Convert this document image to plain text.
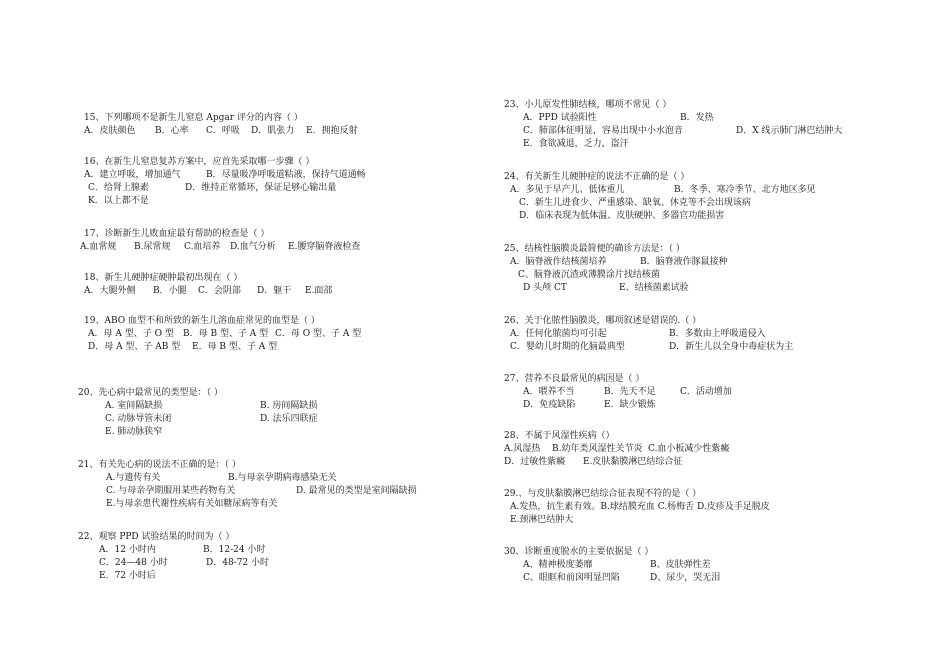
15、下列哪项不是新生儿窒息 Apgar 评分的内容（ ）
A．皮肤颜色 B．心率 C．呼吸 D．肌张力 E．拥抱反射
16、在新生儿窒息复苏方案中，应首先采取哪一步骤（ ）
A．建立呼吸，增加通气	B．尽量吸净呼吸道粘液，保持气道通畅
C．给肾上腺素	D．维持正常循环，保证足够心输出量
K．以上都不是
17、诊断新生儿败血症最有帮助的检查是（ ）
A.血常规 B.尿常规 C.血培养 D.血气分析 E.腰穿脑脊液检查
18、新生儿硬肿症硬肿最初出现在（ ）
A．大腿外侧 B．小腿 C．会阴部 D．躯干 E.面部
19、ABO 血型不和所致的新生儿溶血症常见的血型是（ ）
A．母 A 型、子 O 型 B．母 B 型、子 A 型 C．母 O 型、子 A 型
D．母 A 型、子 AB 型 E．母 B 型、子 A 型
20、先心病中最常见的类型是：（ ）
A. 室间隔缺损	B. 房间隔缺损
C. 动脉导管未闭	D. 法乐四联症
E. 肺动脉狭窄
21、有关先心病的说法不正确的是：（ ）
A.与遗传有关	B.与母亲孕期病毒感染无关
C. 与母亲孕期服用某些药物有关	D. 最常见的类型是室间隔缺损
E.与母亲患代谢性疾病有关如糖尿病等有关
22、观察 PPD 试验结果的时间为（ ）
A．12 小时内	B．12-24 小时
C．24—48 小时	D．48-72 小时
E．72 小时后
23、小儿原发性肺结核，哪项不常见（ ）
A．PPD 试验阳性	B．发热
C．肺部体征明显，容易出现中小水泡音	D．X 线示肺门淋巴结肿大
E．食欲减退，乏力，盗汗
24、有关新生儿硬肿症的说法不正确的是（ ）
A．多见于早产儿、低体重儿	B．冬季、寒冷季节、北方地区多见
C．新生儿进食少、严重感染、缺氧、休克等不会出现该病
D．临床表现为低体温、皮肤硬肿、多器官功能损害
25、结核性脑膜炎最简便的确诊方法是：（ ）
A．脑脊液作结核菌培养	B．脑脊液作豚鼠接种
C、脑脊液沉渣或薄膜涂片找结核菌
D 头颅 CT	E、结核菌素试验
26、关于化脓性脑膜炎，哪项叙述是错误的.（ ）
A．任何化脓菌均可引起	B．多数由上呼吸道侵入
C．婴幼儿时期的化脑最典型	D．新生儿以全身中毒症状为主
27、营养不良最常见的病因是（ ）
A．喂养不当	B．先天不足	C．活动增加
D．免疫缺陷	E．缺少锻炼
28、不属于风湿性疾病（）
A.风湿热 B.幼年类风湿性关节炎 C.血小板减少性紫癜
D．过敏性紫癜 E.皮肤黏膜淋巴结综合征
29.、与皮肤黏膜淋巴结综合征表现不符的是（ ）
A.发热，抗生素有效。B.球结膜充血 C.杨梅舌 D.皮疹及手足脱皮
E.颈淋巴结肿大
30、诊断重度脱水的主要依据是（ ）
A、精神极度萎靡	B、皮肤弹性差
C、眼眶和前囟明显凹陷	D、尿少，哭无泪
